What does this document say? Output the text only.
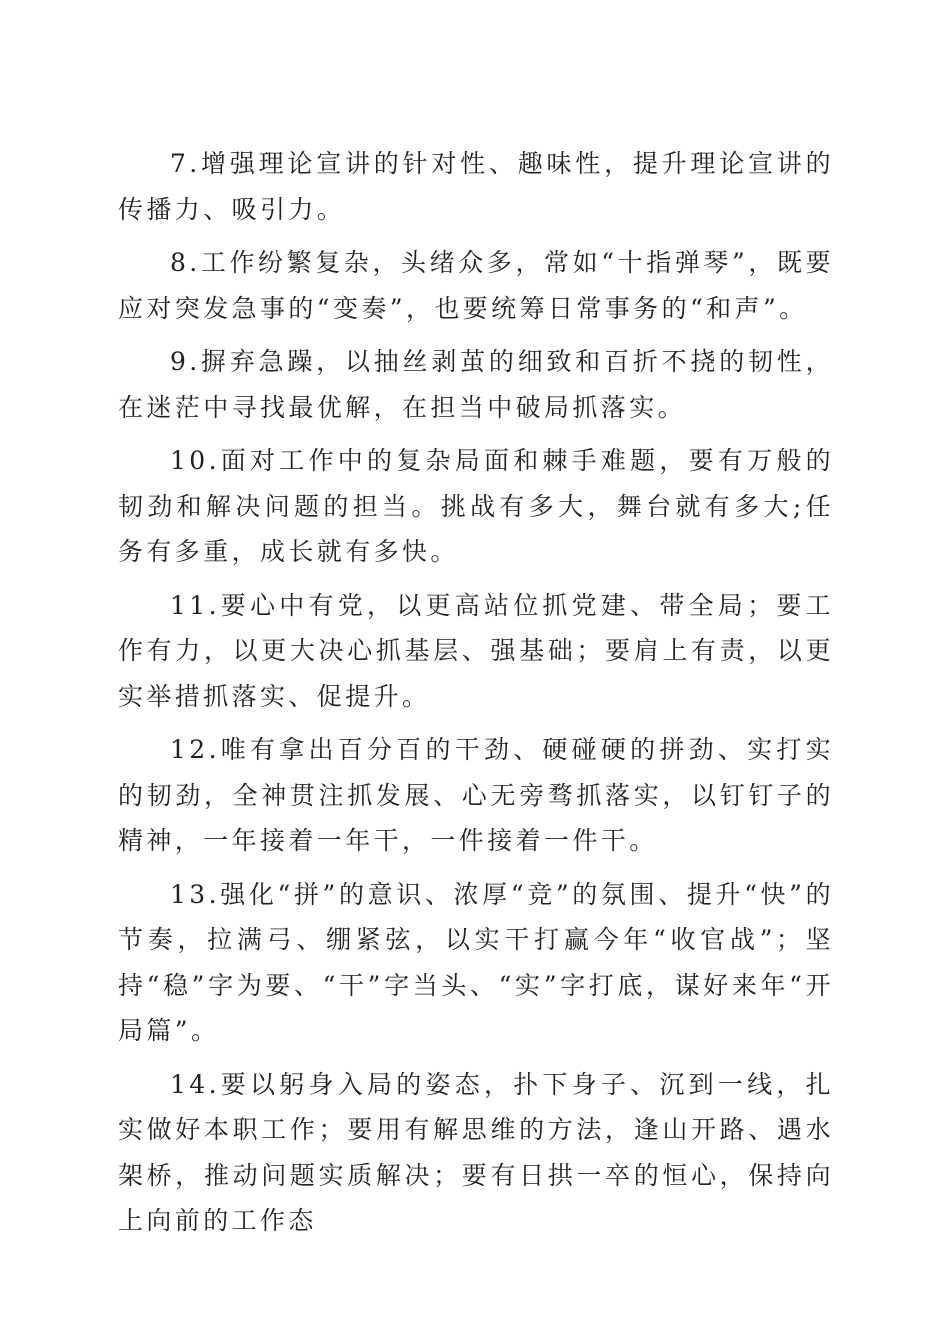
7.增强理论宣讲的针对性、趣味性，提升理论宣讲的传播力、吸引力。

8.工作纷繁复杂，头绪众多，常如“十指弹琴”，既要应对突发急事的“变奏”，也要统筹日常事务的“和声”。

9.摒弃急躁，以抽丝剥茧的细致和百折不挠的韧性，在迷茫中寻找最优解，在担当中破局抓落实。

10.面对工作中的复杂局面和棘手难题，要有万般的韧劲和解决问题的担当。挑战有多大，舞台就有多大;任务有多重，成长就有多快。

11.要心中有党，以更高站位抓党建、带全局；要工作有力，以更大决心抓基层、强基础；要肩上有责，以更实举措抓落实、促提升。

12.唯有拿出百分百的干劲、硬碰硬的拼劲、实打实的韧劲，全神贯注抓发展、心无旁骛抓落实，以钉钉子的精神，一年接着一年干，一件接着一件干。

13.强化“拼”的意识、浓厚“竞”的氛围、提升“快”的节奏，拉满弓、绷紧弦，以实干打赢今年“收官战”；坚持“稳”字为要、“干”字当头、“实”字打底，谋好来年“开局篇”。

14.要以躬身入局的姿态，扑下身子、沉到一线，扎实做好本职工作；要用有解思维的方法，逢山开路、遇水架桥，推动问题实质解决；要有日拱一卒的恒心，保持向上向前的工作态
